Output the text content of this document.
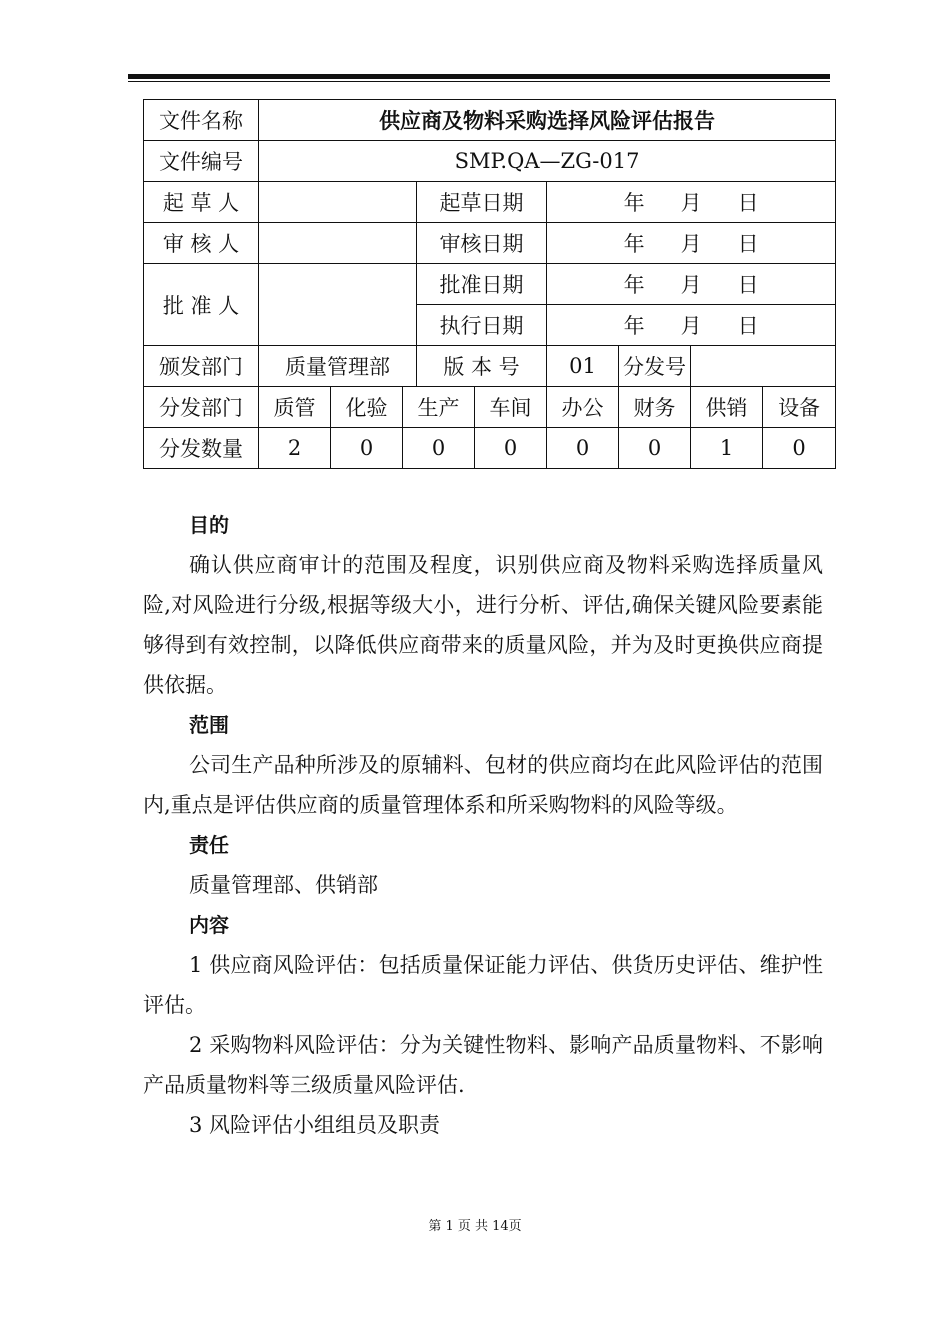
文件名称	供应商及物料采购选择风险评估报告								
文件编号	SMP.QA—ZG-017								
起 草 人				起草日期		年 月 日			
审 核 人				审核日期		年 月 日			
批 准 人				批准日期		年 月 日			
				执行日期		年 月 日			
颁发部门	质量管理部			版 本 号		01	分发号		
分发部门	质管	化验	生产		车间	办公	财务	供销	设备
分发数量	2	0	0		0	0	0	1	0
目的

确认供应商审计的范围及程度，识别供应商及物料采购选择质量风险,对风险进行分级,根据等级大小，进行分析、评估,确保关键风险要素能够得到有效控制，以降低供应商带来的质量风险，并为及时更换供应商提供依据。

范围

公司生产品种所涉及的原辅料、包材的供应商均在此风险评估的范围内,重点是评估供应商的质量管理体系和所采购物料的风险等级。

责任

质量管理部、供销部

内容

1 供应商风险评估：包括质量保证能力评估、供货历史评估、维护性评估。

2 采购物料风险评估：分为关键性物料、影响产品质量物料、不影响产品质量物料等三级质量风险评估.

3 风险评估小组组员及职责

第 1 页 共 14页
